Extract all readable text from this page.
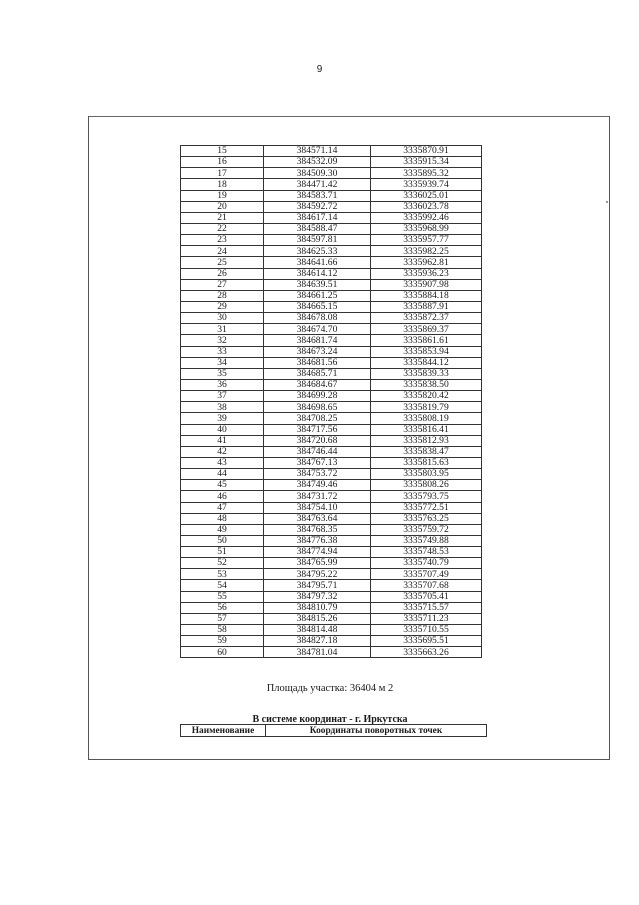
9
15	384571.14	3335870.91
16	384532.09	3335915.34
17	384509.30	3335895.32
18	384471.42	3335939.74
19	384583.71	3336025.01
20	384592.72	3336023.78
21	384617.14	3335992.46
22	384588.47	3335968.99
23	384597.81	3335957.77
24	384625.33	3335982.25
25	384641.66	3335962.81
26	384614.12	3335936.23
27	384639.51	3335907.98
28	384661.25	3335884.18
29	384665.15	3335887.91
30	384678.08	3335872.37
31	384674.70	3335869.37
32	384681.74	3335861.61
33	384673.24	3335853.94
34	384681.56	3335844.12
35	384685.71	3335839.33
36	384684.67	3335838.50
37	384699.28	3335820.42
38	384698.65	3335819.79
39	384708.25	3335808.19
40	384717.56	3335816.41
41	384720.68	3335812.93
42	384746.44	3335838.47
43	384767.13	3335815.63
44	384753.72	3335803.95
45	384749.46	3335808.26
46	384731.72	3335793.75
47	384754.10	3335772.51
48	384763.64	3335763.25
49	384768.35	3335759.72
50	384776.38	3335749.88
51	384774.94	3335748.53
52	384765.99	3335740.79
53	384795.22	3335707.49
54	384795.71	3335707.68
55	384797.32	3335705.41
56	384810.79	3335715.57
57	384815.26	3335711.23
58	384814.48	3335710.55
59	384827.18	3335695.51
60	384781.04	3335663.26
Площадь участка: 36404 м 2
В системе координат - г. Иркутска
Наименование	Координаты поворотных точек
